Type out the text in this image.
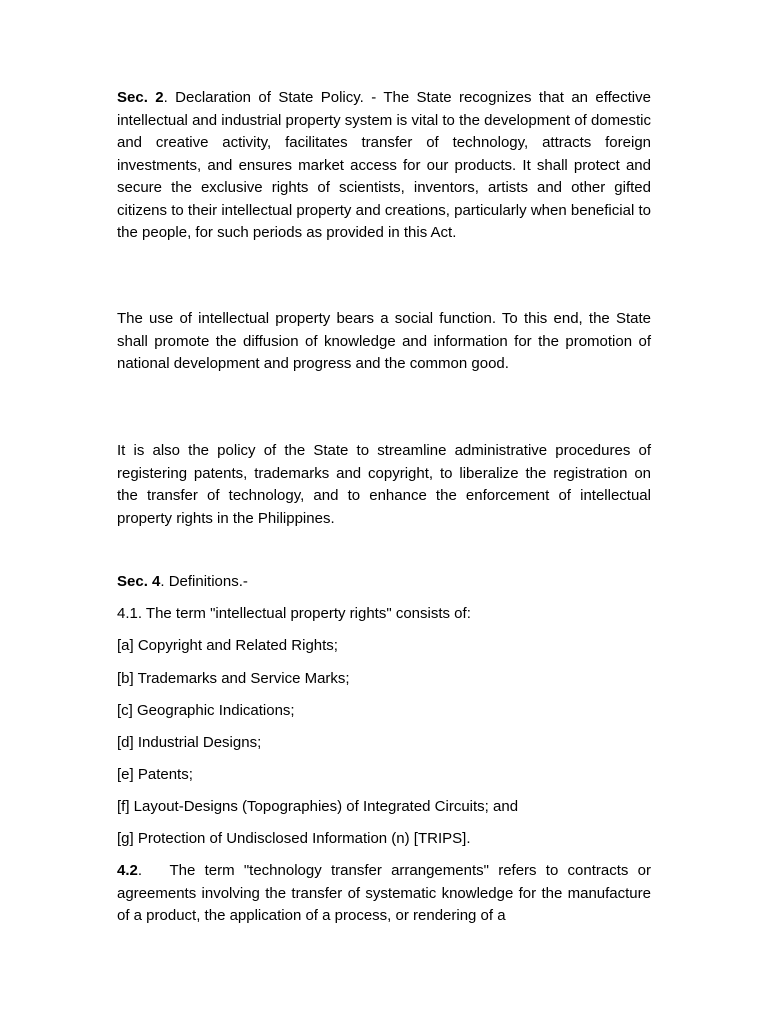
Sec. 2. Declaration of State Policy. - The State recognizes that an effective intellectual and industrial property system is vital to the development of domestic and creative activity, facilitates transfer of technology, attracts foreign investments, and ensures market access for our products. It shall protect and secure the exclusive rights of scientists, inventors, artists and other gifted citizens to their intellectual property and creations, particularly when beneficial to the people, for such periods as provided in this Act.

The use of intellectual property bears a social function. To this end, the State shall promote the diffusion of knowledge and information for the promotion of national development and progress and the common good.

It is also the policy of the State to streamline administrative procedures of registering patents, trademarks and copyright, to liberalize the registration on the transfer of technology, and to enhance the enforcement of intellectual property rights in the Philippines.

Sec. 4. Definitions.-

4.1. The term "intellectual property rights" consists of:

[a] Copyright and Related Rights;

[b] Trademarks and Service Marks;

[c] Geographic Indications;

[d] Industrial Designs;

[e] Patents;

[f] Layout-Designs (Topographies) of Integrated Circuits; and

[g] Protection of Undisclosed Information (n) [TRIPS].

4.2.   The term "technology transfer arrangements" refers to contracts or agreements involving the transfer of systematic knowledge for the manufacture of a product, the application of a process, or rendering of a
